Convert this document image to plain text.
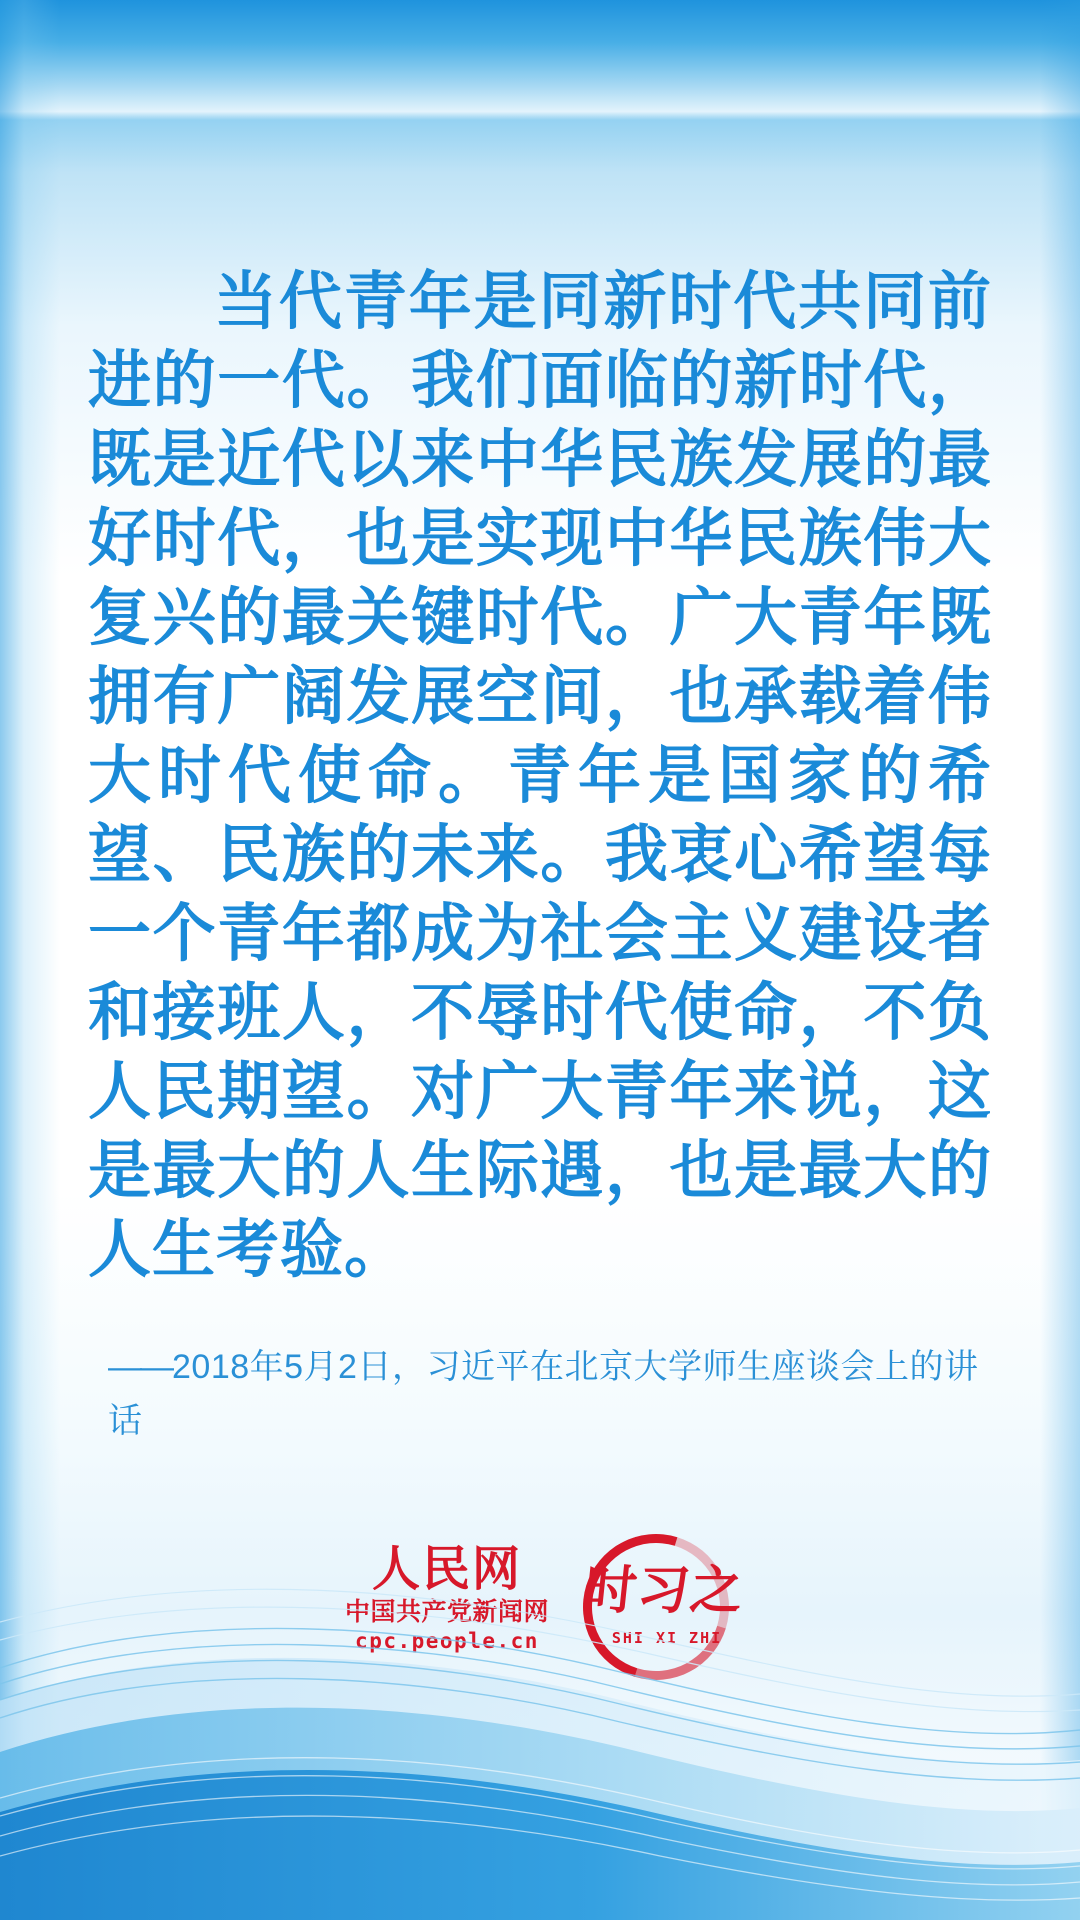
当代青年是同新时代共同前进的一代。我们面临的新时代，既是近代以来中华民族发展的最好时代，也是实现中华民族伟大复兴的最关键时代。广大青年既拥有广阔发展空间，也承载着伟大时代使命。青年是国家的希望、民族的未来。我衷心希望每一个青年都成为社会主义建设者和接班人，不辱时代使命，不负人民期望。对广大青年来说，这是最大的人生际遇，也是最大的人生考验。
——2018年5月2日，习近平在北京大学师生座谈会上的讲话
人民网
中国共产党新闻网
cpc.people.cn
时习之
SHI XI ZHI
